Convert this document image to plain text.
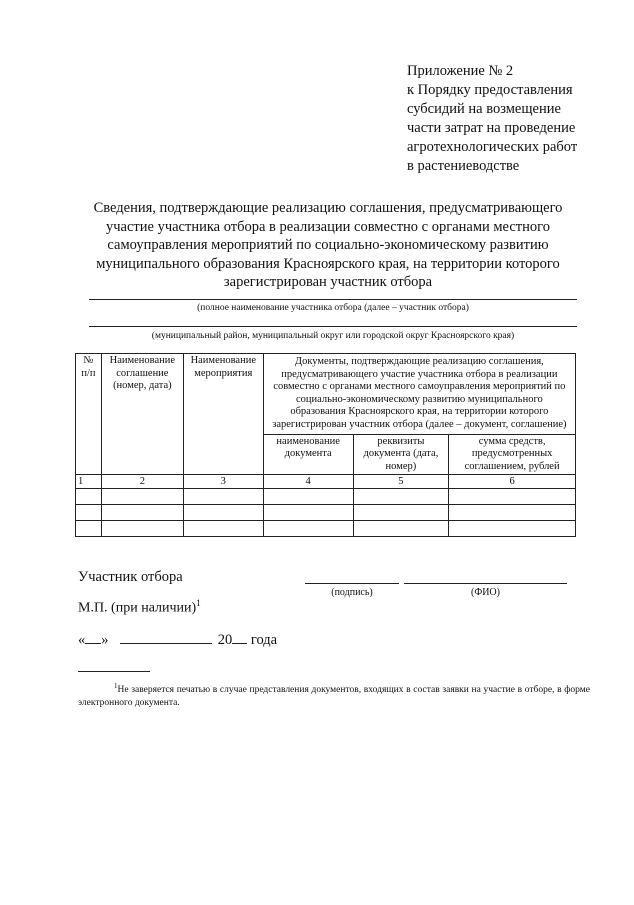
Приложение № 2
к Порядку предоставления
субсидий на возмещение
части затрат на проведение
агротехнологических работ
в растениеводстве
Сведения, подтверждающие реализацию соглашения, предусматривающего
участие участника отбора в реализации совместно с органами местного
самоуправления мероприятий по социально-экономическому развитию
муниципального образования Красноярского края, на территории которого
зарегистрирован участник отбора
(полное наименование участника отбора (далее – участник отбора)
(муниципальный район, муниципальный округ или городской округ Красноярского края)
№ п/п	Наименование соглашение (номер, дата)	Наименование мероприятия	Документы, подтверждающие реализацию соглашения, предусматривающего участие участника отбора в реализации совместно с органами местного самоуправления мероприятий по социально-экономическому развитию муниципального образования Красноярского края, на территории которого зарегистрирован участник отбора (далее – документ, соглашение)		
			наименование документа	реквизиты документа (дата, номер)	сумма средств, предусмотренных соглашением, рублей
1	2	3	4	5	6

Участник отбора
(подпись)	(ФИО)
М.П. (при наличии)$^1$
« »	20 года
$^1$Не заверяется печатью в случае представления документов, входящих в состав заявки на участие в отборе, в форме электронного документа.
